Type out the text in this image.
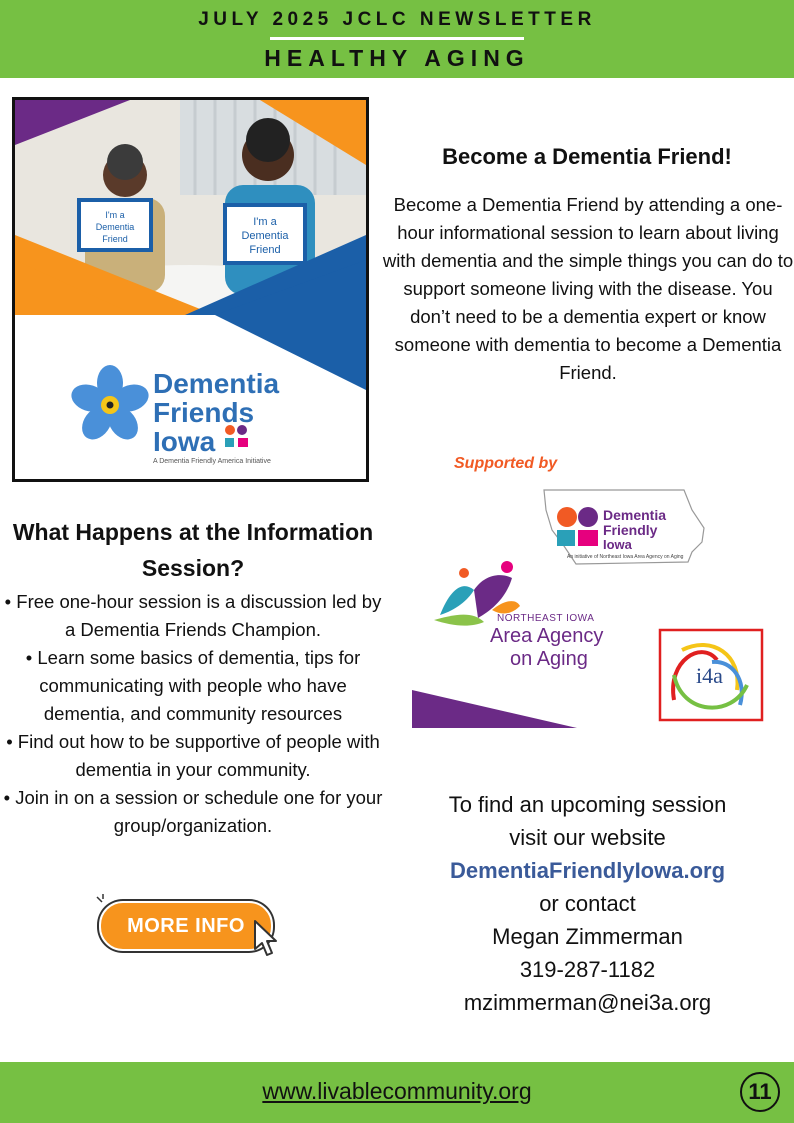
JULY 2025 JCLC NEWSLETTER
HEALTHY AGING
I'm a
Dementia
Friend
I'm a
Dementia
Friend
Dementia
Friends
Iowa
A Dementia Friendly America Initiative
Become a Dementia Friend!
Become a Dementia Friend by attending a one-hour informational session to learn about living with dementia and the simple things you can do to support someone living with the disease. You don’t need to be a dementia expert or know someone with dementia to become a Dementia Friend.
Supported by
Dementia
Friendly
Iowa
An initiative of Northeast Iowa Area Agency on Aging
NORTHEAST IOWA
Area Agency
on Aging
i4a
What Happens at the Information Session?
• Free one-hour session is a discussion led by a Dementia Friends Champion.
• Learn some basics of dementia, tips for communicating with people who have dementia, and community resources
• Find out how to be supportive of people with dementia in your community.
• Join in on a session or schedule one for your group/organization.
MORE INFO
To find an upcoming session
visit our website
DementiaFriendlyIowa.org
or contact
Megan Zimmerman
319-287-1182
mzimmerman@nei3a.org
www.livablecommunity.org	11
